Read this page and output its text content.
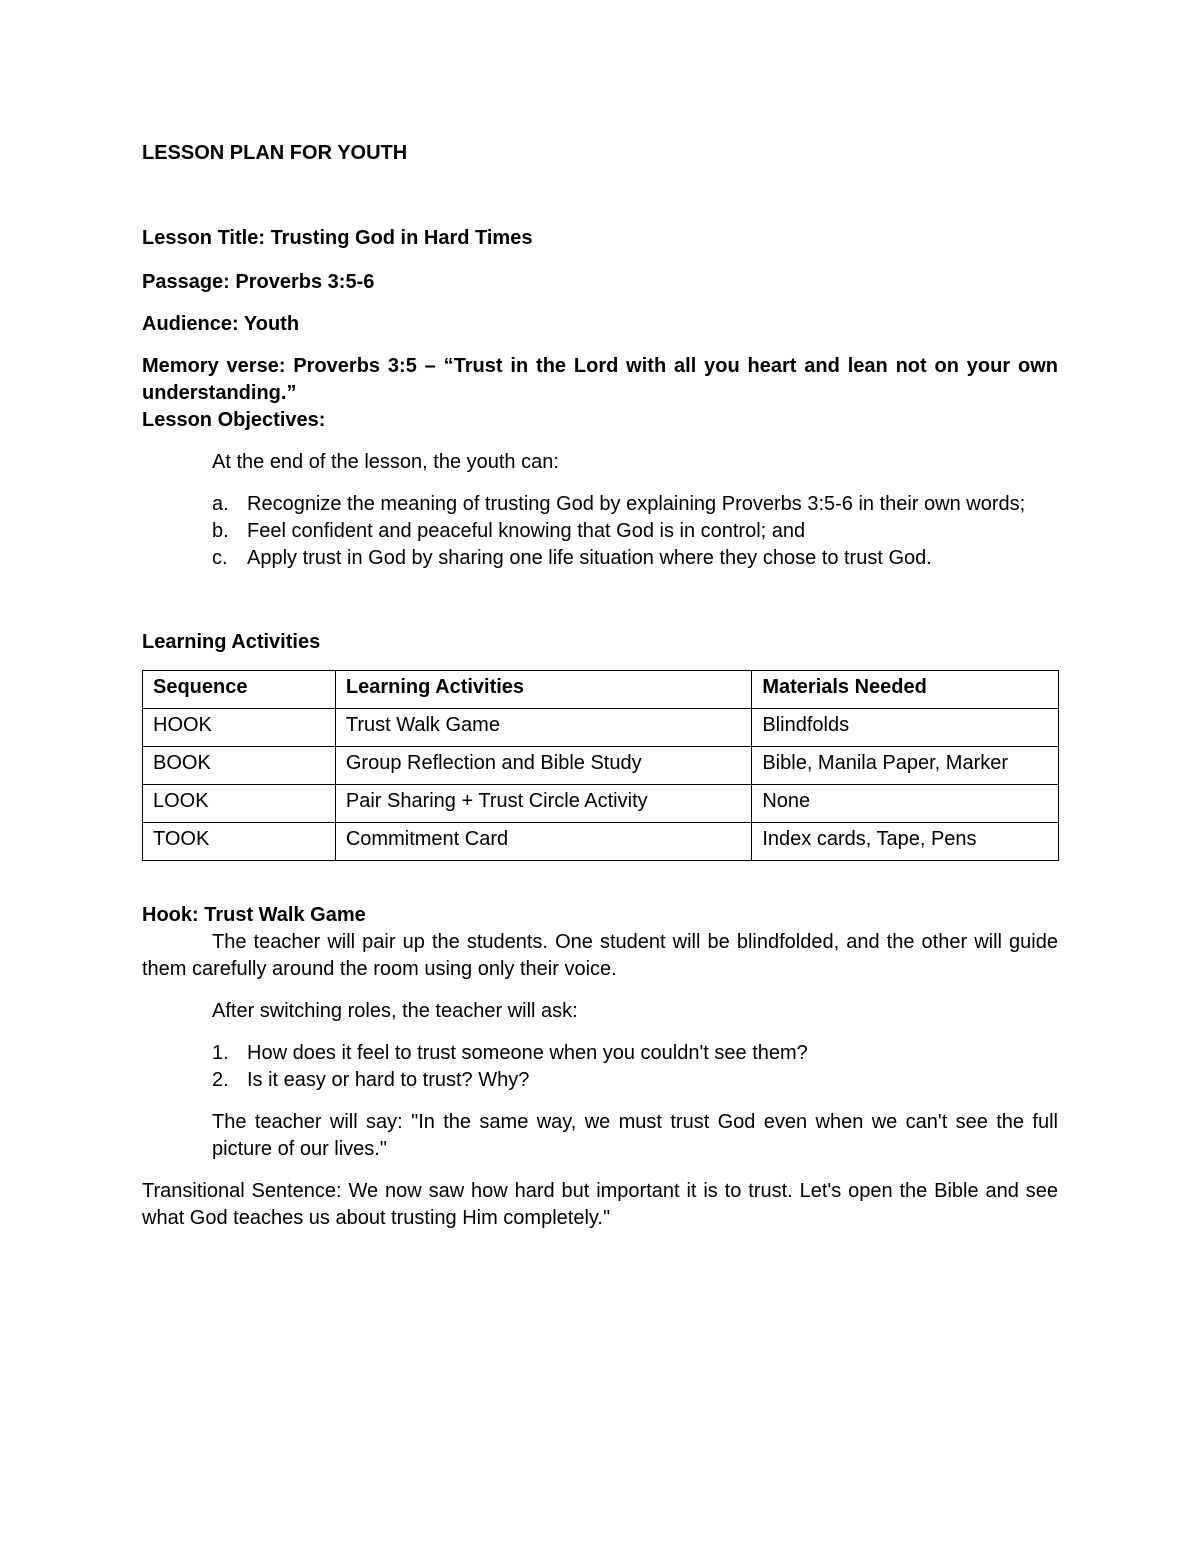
LESSON PLAN FOR YOUTH

Lesson Title: Trusting God in Hard Times

Passage: Proverbs 3:5-6

Audience: Youth

Memory verse: Proverbs 3:5 – “Trust in the Lord with all you heart and lean not on your own understanding.”

Lesson Objectives:

At the end of the lesson, the youth can:

a. Recognize the meaning of trusting God by explaining Proverbs 3:5-6 in their own words;
b. Feel confident and peaceful knowing that God is in control; and
c. Apply trust in God by sharing one life situation where they chose to trust God.

Learning Activities

Sequence	Learning Activities	Materials Needed
HOOK	Trust Walk Game	Blindfolds
BOOK	Group Reflection and Bible Study	Bible, Manila Paper, Marker
LOOK	Pair Sharing + Trust Circle Activity	None
TOOK	Commitment Card	Index cards, Tape, Pens

Hook: Trust Walk Game

The teacher will pair up the students. One student will be blindfolded, and the other will guide them carefully around the room using only their voice.

After switching roles, the teacher will ask:

1. How does it feel to trust someone when you couldn't see them?
2. Is it easy or hard to trust? Why?

The teacher will say: "In the same way, we must trust God even when we can't see the full picture of our lives."

Transitional Sentence: We now saw how hard but important it is to trust. Let's open the Bible and see what God teaches us about trusting Him completely."
